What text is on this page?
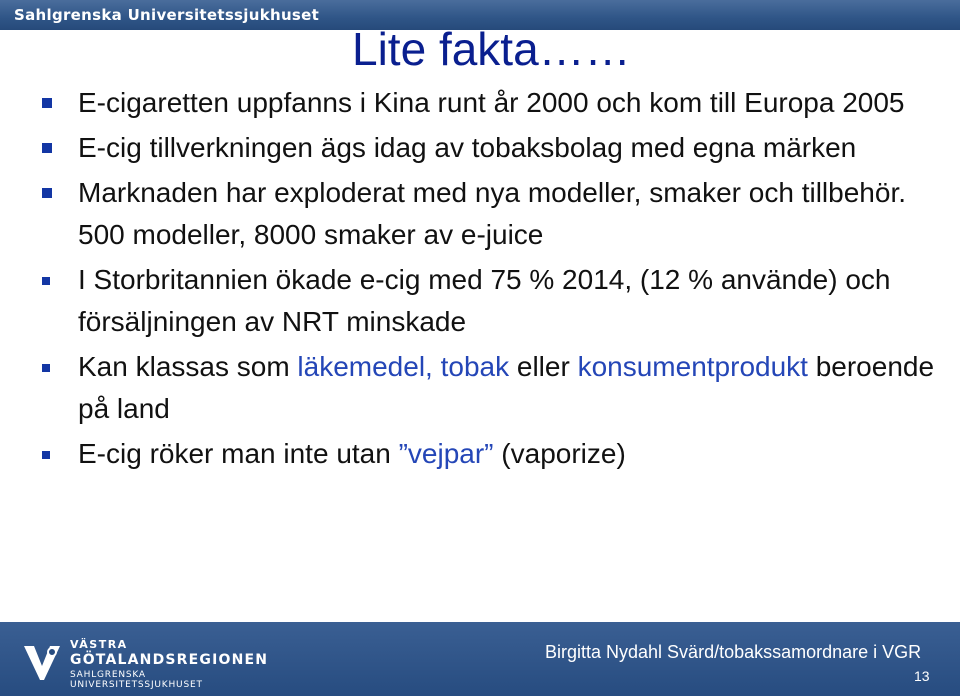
Sahlgrenska Universitetssjukhuset
Lite fakta……
E-cigaretten uppfanns i Kina runt år 2000 och kom till Europa 2005
E-cig tillverkningen ägs idag av tobaksbolag med egna märken
Marknaden har exploderat med nya modeller, smaker och tillbehör. 500 modeller, 8000 smaker av e-juice
I Storbritannien ökade e-cig med 75 % 2014, (12 % använde) och försäljningen av NRT minskade
Kan klassas som läkemedel, tobak eller konsumentprodukt beroende på land
E-cig röker man inte utan ”vejpar” (vaporize)
VÄSTRA
GÖTALANDSREGIONEN
SAHLGRENSKA UNIVERSITETSSJUKHUSET
Birgitta Nydahl Svärd/tobakssamordnare i VGR
13
